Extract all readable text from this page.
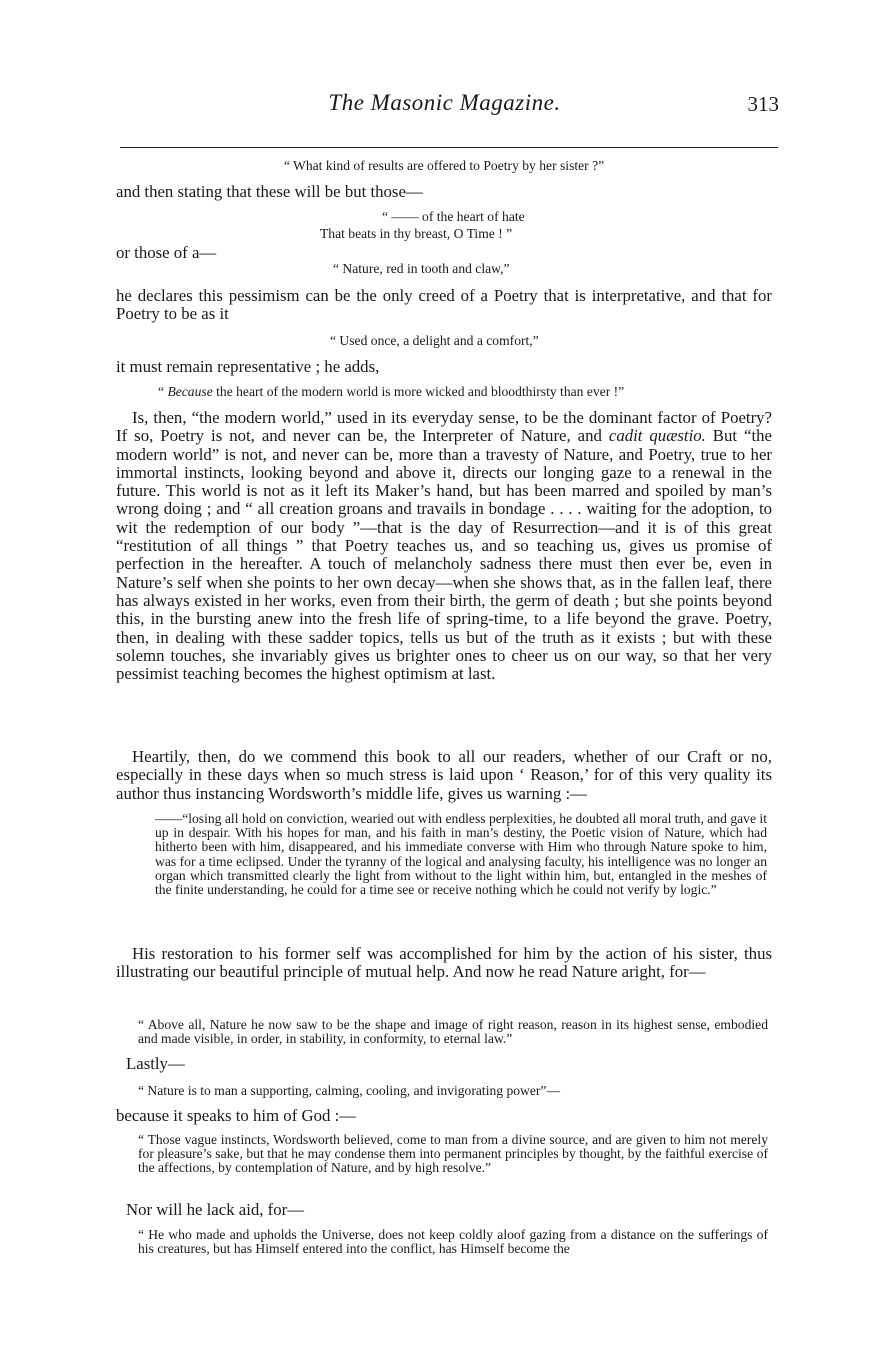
The Masonic Magazine.	313

“ What kind of results are offered to Poetry by her sister ?”

and then stating that these will be but those—

“ —— of the heart of hate

That beats in thy breast, O Time ! ”

or those of a—

“ Nature, red in tooth and claw,”

he declares this pessimism can be the only creed of a Poetry that is interpretative, and that for Poetry to be as it

“ Used once, a delight and a comfort,”

it must remain representative ; he adds,

“ Because the heart of the modern world is more wicked and bloodthirsty than ever !”

Is, then, “the modern world,” used in its everyday sense, to be the dominant factor of Poetry? If so, Poetry is not, and never can be, the Interpreter of Nature, and cadit quæstio. But “the modern world” is not, and never can be, more than a travesty of Nature, and Poetry, true to her immortal instincts, looking beyond and above it, directs our longing gaze to a renewal in the future. This world is not as it left its Maker’s hand, but has been marred and spoiled by man’s wrong doing ; and “ all creation groans and travails in bondage . . . . waiting for the adoption, to wit the redemption of our body ”—that is the day of Resurrection—and it is of this great “restitution of all things ” that Poetry teaches us, and so teaching us, gives us promise of perfection in the hereafter. A touch of melancholy sadness there must then ever be, even in Nature’s self when she points to her own decay—when she shows that, as in the fallen leaf, there has always existed in her works, even from their birth, the germ of death ; but she points beyond this, in the bursting anew into the fresh life of spring-time, to a life beyond the grave. Poetry, then, in dealing with these sadder topics, tells us but of the truth as it exists ; but with these solemn touches, she invariably gives us brighter ones to cheer us on our way, so that her very pessimist teaching becomes the highest optimism at last.

Heartily, then, do we commend this book to all our readers, whether of our Craft or no, especially in these days when so much stress is laid upon ‘ Reason,’ for of this very quality its author thus instancing Wordsworth’s middle life, gives us warning :—

——“losing all hold on conviction, wearied out with endless perplexities, he doubted all moral truth, and gave it up in despair. With his hopes for man, and his faith in man’s destiny, the Poetic vision of Nature, which had hitherto been with him, disappeared, and his immediate converse with Him who through Nature spoke to him, was for a time eclipsed. Under the tyranny of the logical and analysing faculty, his intelligence was no longer an organ which transmitted clearly the light from without to the light within him, but, entangled in the meshes of the finite understanding, he could for a time see or receive nothing which he could not verify by logic.”

His restoration to his former self was accomplished for him by the action of his sister, thus illustrating our beautiful principle of mutual help. And now he read Nature aright, for—

“ Above all, Nature he now saw to be the shape and image of right reason, reason in its highest sense, embodied and made visible, in order, in stability, in conformity, to eternal law.”

Lastly—

“ Nature is to man a supporting, calming, cooling, and invigorating power”—

because it speaks to him of God :—

“ Those vague instincts, Wordsworth believed, come to man from a divine source, and are given to him not merely for pleasure’s sake, but that he may condense them into permanent principles by thought, by the faithful exercise of the affections, by contemplation of Nature, and by high resolve.”

Nor will he lack aid, for—

“ He who made and upholds the Universe, does not keep coldly aloof gazing from a distance on the sufferings of his creatures, but has Himself entered into the conflict, has Himself become the
